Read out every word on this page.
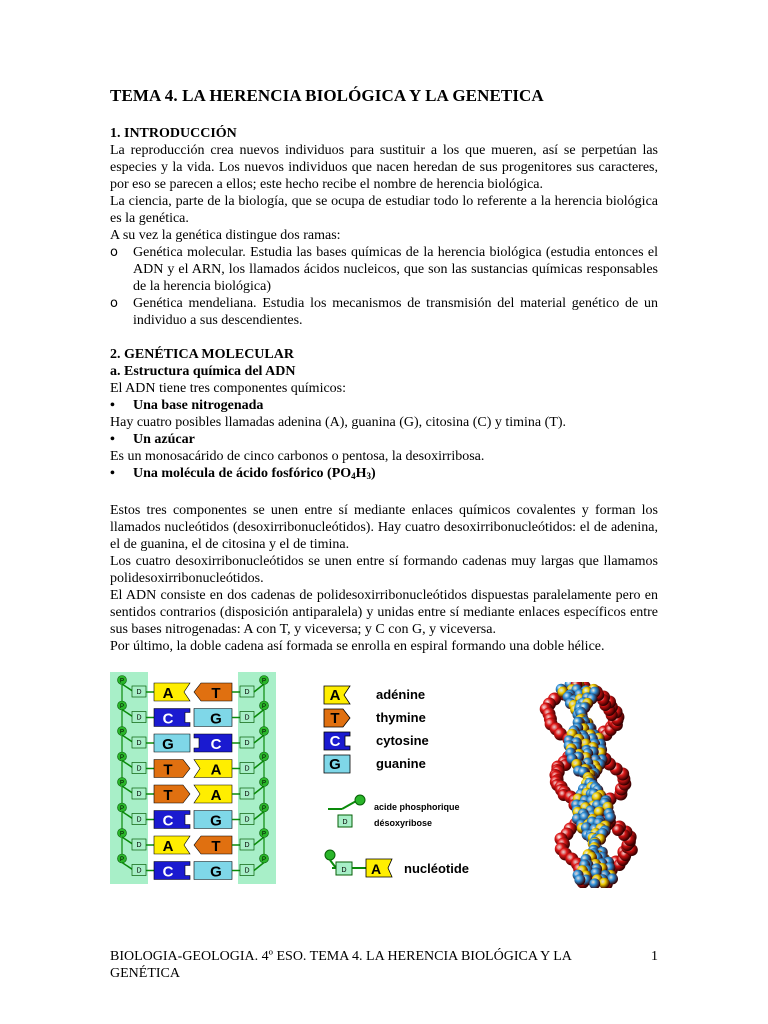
TEMA 4. LA HERENCIA BIOLÓGICA Y LA GENETICA
1. INTRODUCCIÓN

La reproducción crea nuevos individuos para sustituir a los que mueren, así se perpetúan las especies y la vida. Los nuevos individuos que nacen heredan de sus progenitores sus caracteres, por eso se parecen a ellos; este hecho recibe el nombre de herencia biológica.

La ciencia, parte de la biología, que se ocupa de estudiar todo lo referente a la herencia biológica es la genética.

A su vez la genética distingue dos ramas:

o	Genética molecular. Estudia las bases químicas de la herencia biológica (estudia entonces el ADN y el ARN, los llamados ácidos nucleicos, que son las sustancias químicas responsables de la herencia biológica)
o	Genética mendeliana. Estudia los mecanismos de transmisión del material genético de un individuo a sus descendientes.
2. GENÉTICA MOLECULAR
a. Estructura química del ADN

El ADN tiene tres componentes químicos:

•	Una base nitrogenada

Hay cuatro posibles llamadas adenina (A), guanina (G), citosina (C) y timina (T).

•	Un azúcar

Es un monosacárido de cinco carbonos o pentosa, la desoxirribosa.

•	Una molécula de ácido fosfórico $(PO_4H_3)$

Estos tres componentes se unen entre sí mediante enlaces químicos covalentes y forman los llamados nucleótidos (desoxirribonucleótidos). Hay cuatro desoxirribonucleótidos: el de adenina, el de guanina, el de citosina y el de timina.

Los cuatro desoxirribonucleótidos se unen entre sí formando cadenas muy largas que llamamos polidesoxirribonucleótidos.

El ADN consiste en dos cadenas de polidesoxirribonucleótidos dispuestas paralelamente pero en sentidos contrarios (disposición antiparalela) y unidas entre sí mediante enlaces específicos entre sus bases nitrogenadas: A con T, y viceversa; y C con G, y viceversa.

Por último, la doble cadena así formada se enrolla en espiral formando una doble hélice.

D A	T	D
D C G	D
D G C	D
D T	A	D
D T	A	D
D C G	D
D A	T	D
D C G	D
P	P
P	P
P	P
P	P
P	P
P	P
P	P
P	P
A	adénine
T	thymine
C	cytosine
G	guanine
D
acide phosphorique
désoxyribose
D A nucléotide
BIOLOGIA-GEOLOGIA. 4º ESO. TEMA 4. LA HERENCIA BIOLÓGICA Y LA GENÉTICA
1
